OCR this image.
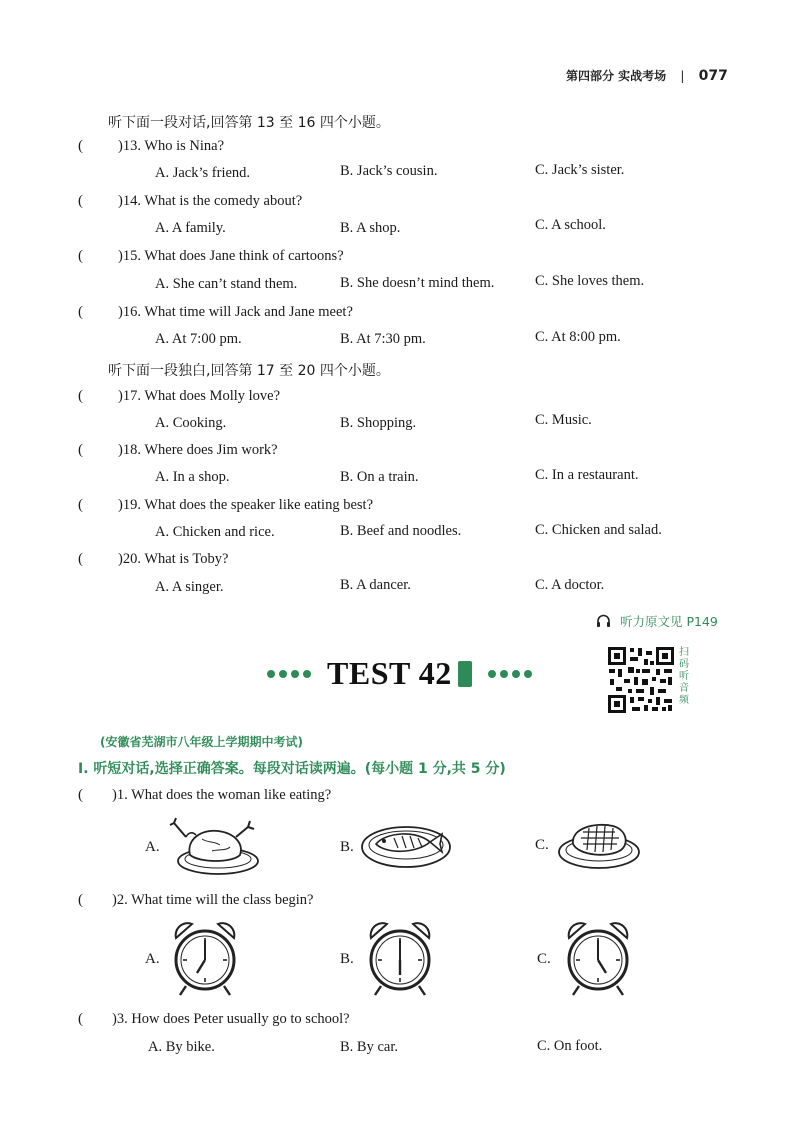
第四部分 实战考场 | 077
听下面一段对话,回答第 13 至 16 四个小题。
( )13. Who is Nina?
A. Jack’s friend.	B. Jack’s cousin.	C. Jack’s sister.
( )14. What is the comedy about?
A. A family.	B. A shop.	C. A school.
( )15. What does Jane think of cartoons?
A. She can’t stand them.	B. She doesn’t mind them.	C. She loves them.
( )16. What time will Jack and Jane meet?
A. At 7:00 pm.	B. At 7:30 pm.	C. At 8:00 pm.
听下面一段独白,回答第 17 至 20 四个小题。
( )17. What does Molly love?
A. Cooking.	B. Shopping.	C. Music.
( )18. Where does Jim work?
A. In a shop.	B. On a train.	C. In a restaurant.
( )19. What does the speaker like eating best?
A. Chicken and rice.	B. Beef and noodles.	C. Chicken and salad.
( )20. What is Toby?
A. A singer.	B. A dancer.	C. A doctor.
听力原文见 P149
TEST 42
扫码听音频
(安徽省芜湖市八年级上学期期中考试)
Ⅰ. 听短对话,选择正确答案。每段对话读两遍。(每小题 1 分,共 5 分)
( )1. What does the woman like eating?
A.	B.	C.
( )2. What time will the class begin?
A.	B.	C.
( )3. How does Peter usually go to school?
A. By bike.	B. By car.	C. On foot.
